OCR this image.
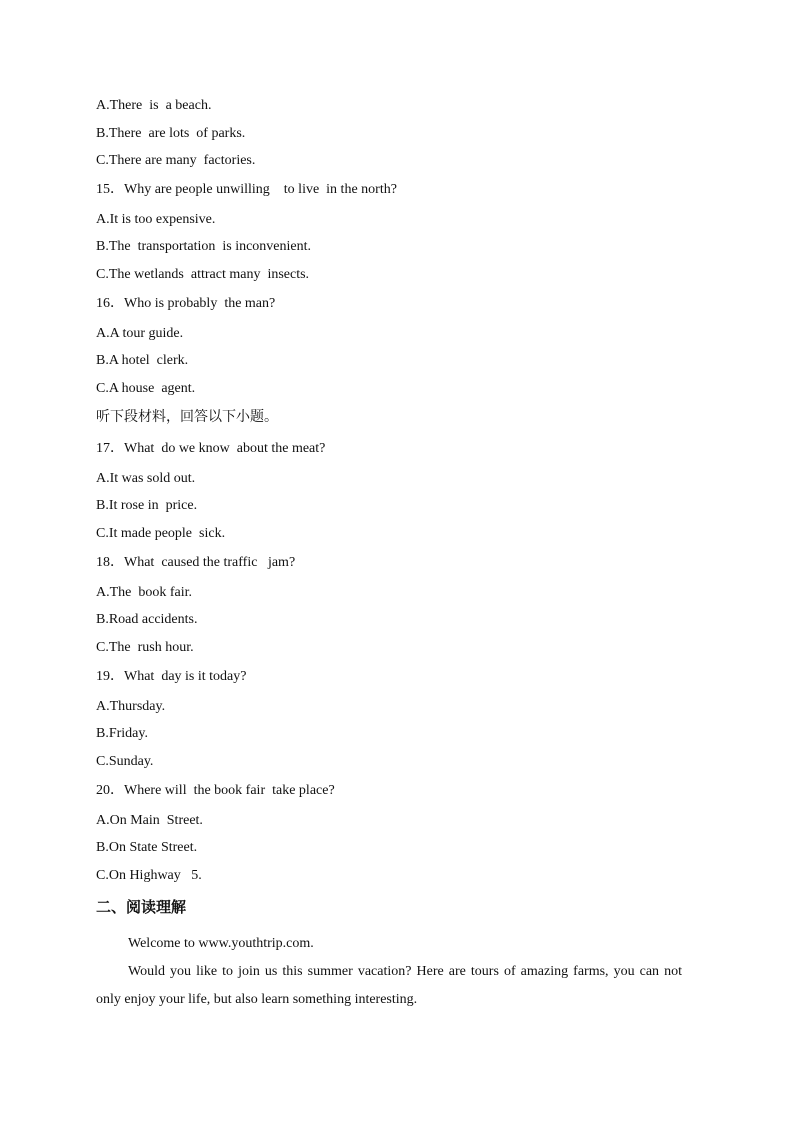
A.There  is  a beach.
B.There  are lots  of parks.
C.There are many  factories.
15．Why are people unwilling    to live  in the north?
A.It is too expensive.
B.The  transportation  is inconvenient.
C.The wetlands  attract many  insects.
16．Who is probably  the man?
A.A tour guide.
B.A hotel  clerk.
C.A house  agent.
听下段材料，回答以下小题。
17．What  do we know  about the meat?
A.It was sold out.
B.It rose in  price.
C.It made people  sick.
18．What  caused the traffic   jam?
A.The  book fair.
B.Road accidents.
C.The  rush hour.
19．What  day is it today?
A.Thursday.
B.Friday.
C.Sunday.
20．Where will  the book fair  take place?
A.On Main  Street.
B.On State Street.
C.On Highway   5.
二、阅读理解
Welcome to www.youthtrip.com.
Would you like to join us this summer vacation? Here are tours of amazing farms, you can not only enjoy your life, but also learn something interesting.
